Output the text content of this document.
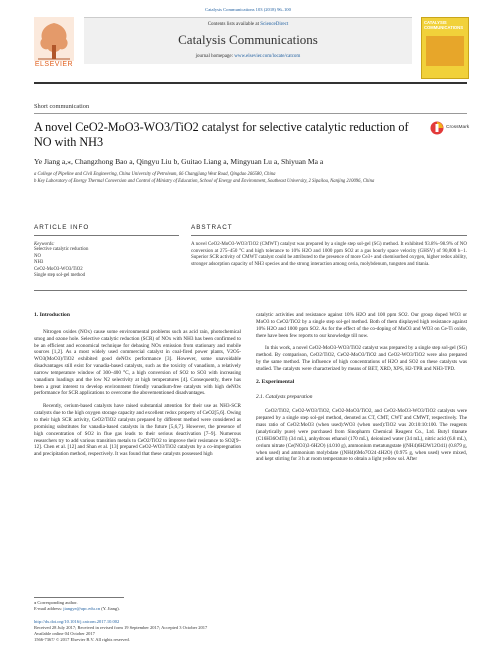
Catalysis Communications 103 (2018) 96–100
ELSEVIER
Contents lists available at ScienceDirect
Catalysis Communications
journal homepage: www.elsevier.com/locate/catcom
CATALYSIS COMMUNICATIONS
Short communication
A novel CeO2-MoO3-WO3/TiO2 catalyst for selective catalytic reduction of NO with NH3
CrossMark
Ye Jiang a,⁎, Changzhong Bao a, Qingyu Liu b, Guitao Liang a, Mingyuan Lu a, Shiyuan Ma a
a College of Pipeline and Civil Engineering, China University of Petroleum, 66 Changjiang West Road, Qingdao 266580, China
b Key Laboratory of Energy Thermal Conversion and Control of Ministry of Education, School of Energy and Environment, Southeast University, 2 Sipailou, Nanjing 210096, China
ARTICLE INFO	ABSTRACT
Keywords:
Selective catalytic reduction
NO
NH3
CeO2-MoO3-WO3/TiO2
Single step sol-gel method
A novel CeO2-MoO3-WO3/TiO2 (CMWT) catalyst was prepared by a single step sol-gel (SG) method. It exhibited 93.8%–98.9% of NO conversion at 275–450 °C and high tolerance to 10% H2O and 1000 ppm SO2 at a gas hourly space velocity (GHSV) of 90,000 h−1. Superior SCR activity of CMWT catalyst could be attributed to the presence of more Ce3+ and chemisorbed oxygen, higher redox ability, stronger adsorption capacity of NH3 species and the strong interaction among ceria, molybdenum, tungsten and titania.
1. Introduction

Nitrogen oxides (NOx) cause some environmental problems such as acid rain, photochemical smog and ozone hole. Selective catalytic reduction (SCR) of NOx with NH3 has been confirmed to be an efficient and economical technique for debasing NOx emission from stationary and mobile sources [1,2]. As a most widely used commercial catalyst in coal-fired power plants, V2O5-WO3(MoO3)/TiO2 exhibited good deNOx performance [3]. However, some unavoidable disadvantages still exist for vanadia-based catalysts, such as the toxicity of vanadium, a relatively narrow temperature window of 300–400 °C, a high conversion of SO2 to SO3 with increasing vanadium loadings and the low N2 selectivity at high temperatures [4]. Consequently, there has been a great interest to develop environment friendly vanadium-free catalysts with high deNOx performance for SCR applications to overcome the abovementioned disadvantages.

Recently, cerium-based catalysts have raised substantial attention for their use as NH3-SCR catalysts due to the high oxygen storage capacity and excellent redox property of CeO2[5,6]. Owing to their high SCR activity, CeO2/TiO2 catalysts prepared by different method were considered as promising substitutes for vanadia-based catalysts in the future [5,6,7]. However, the presence of high concentration of SO2 in flue gas leads to their serious deactivation [7–9]. Numerous researchers try to add various transition metals to CeO2/TiO2 to improve their resistance to SO2[9–12]. Chen et al. [12] and Shan et al. [13] prepared CeO2-WO3/TiO2 catalysts by a co-impregnation and precipitation method, respectively. It was found that these catalysts possessed high

catalytic activities and resistance against 10% H2O and 100 ppm SO2. Our group doped WO3 or MoO3 to CeO2/TiO2 by a single step sol-gel method. Both of them displayed high resistance against 10% H2O and 1000 ppm SO2. As for the effect of the co-doping of MoO3 and WO3 on Ce-Ti oxide, there have been few reports to our knowledge till now.

In this work, a novel CeO2-MoO3-WO3/TiO2 catalyst was prepared by a single step sol-gel (SG) method. By comparison, CeO2/TiO2, CeO2-MoO3/TiO2 and CeO2-WO3/TiO2 were also prepared by the same method. The influence of high concentrations of H2O and SO2 on these catalysts was studied. The catalysts were characterized by means of BET, XRD, XPS, H2-TPR and NH3-TPD.

2. Experimental
2.1. Catalysts preparation

CeO2/TiO2, CeO2-WO3/TiO2, CeO2-MoO3/TiO2, and CeO2-MoO3-WO3/TiO2 catalysts were prepared by a single step sol-gel method, denoted as CT, CMT, CWT and CMWT, respectively. The mass ratio of CeO2:MoO3 (when used):WO3 (when used):TiO2 was 20:10:10:100. The reagents (analytically pure) were purchased from Sinopharm Chemical Reagent Co., Ltd. Butyl titanate (C16H36O4Ti) (34 mL), anhydrous ethanol (170 mL), deionized water (34 mL), nitric acid (6.8 mL), cerium nitrate (Ce(NO3)3·6H2O) (4.010 g), ammonium metatungstate ((NH4)6H2W12O41) (0.879 g, when used) and ammonium molybdate ((NH4)6Mo7O24·4H2O) (0.975 g, when used) were mixed, and kept stirring for 3 h at room temperature to obtain a light yellow sol. After

⁎ Corresponding author.
E-mail address: jiangye@upc.edu.cn (Y. Jiang).
http://dx.doi.org/10.1016/j.catcom.2017.10.002
Received 28 July 2017; Received in revised form 19 September 2017; Accepted 3 October 2017
Available online 04 October 2017
1566-7367/ © 2017 Elsevier B.V. All rights reserved.
